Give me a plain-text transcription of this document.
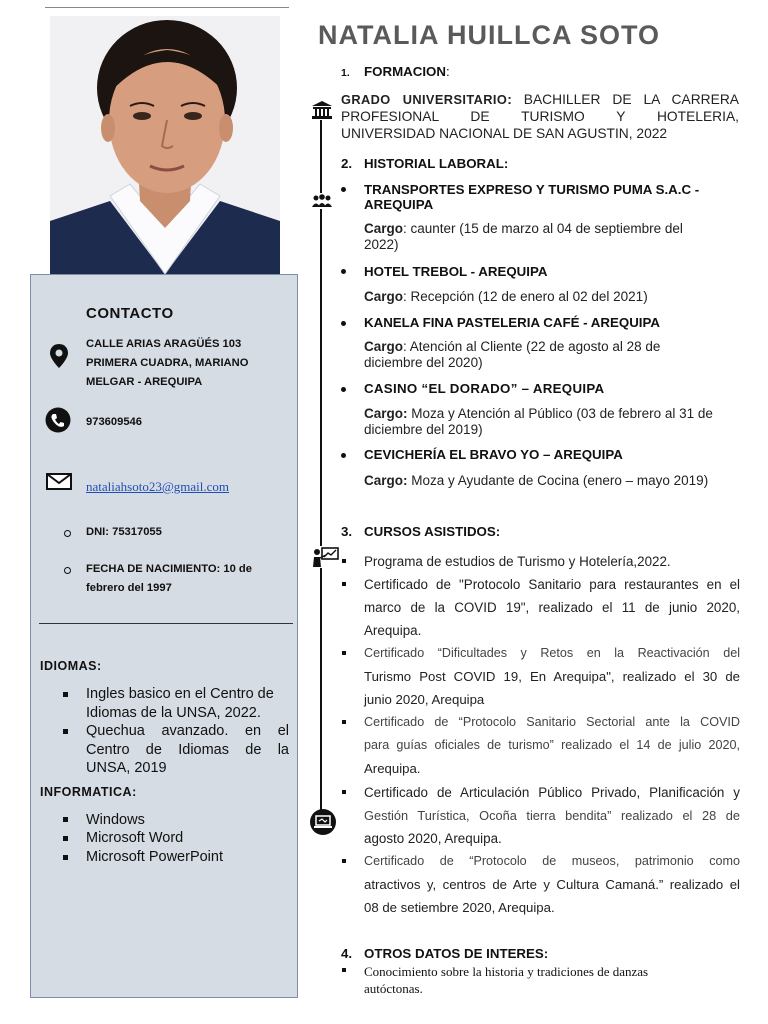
CONTACTO
CALLE ARIAS ARAGÜÉS 103
PRIMERA CUADRA, MARIANO
MELGAR - AREQUIPA
973609546
nataliahsoto23@gmail.com
DNI: 75317055
FECHA DE NACIMIENTO: 10 de
febrero del 1997
IDIOMAS:
Ingles basico en el Centro de
Idiomas de la UNSA, 2022.
Quechua avanzado. en el
Centro de Idiomas de la
UNSA, 2019
INFORMATICA:
Windows
Microsoft Word
Microsoft PowerPoint
NATALIA HUILLCA SOTO
1. FORMACION:
GRADO UNIVERSITARIO: BACHILLER DE LA CARRERA
PROFESIONAL DE TURISMO Y HOTELERIA,
UNIVERSIDAD NACIONAL DE SAN AGUSTIN, 2022
2. HISTORIAL LABORAL:
TRANSPORTES EXPRESO Y TURISMO PUMA S.A.C -
AREQUIPA
Cargo: caunter (15 de marzo al 04 de septiembre del
2022)
HOTEL TREBOL - AREQUIPA
Cargo: Recepción (12 de enero al 02 del 2021)
KANELA FINA PASTELERIA CAFÉ - AREQUIPA
Cargo: Atención al Cliente (22 de agosto al 28 de
diciembre del 2020)
CASINO “EL DORADO” – AREQUIPA
Cargo: Moza y Atención al Público (03 de febrero al 31 de
diciembre del 2019)
CEVICHERÍA EL BRAVO YO – AREQUIPA
Cargo: Moza y Ayudante de Cocina (enero – mayo 2019)
3. CURSOS ASISTIDOS:
Programa de estudios de Turismo y Hotelería,2022.
Certificado de "Protocolo Sanitario para restaurantes en el
marco de la COVID 19", realizado el 11 de junio 2020,
Arequipa.
Certificado “Dificultades y Retos en la Reactivación del
Turismo Post COVID 19, En Arequipa", realizado el 30 de
junio 2020, Arequipa
Certificado de “Protocolo Sanitario Sectorial ante la COVID
para guías oficiales de turismo” realizado el 14 de julio 2020,
Arequipa.
Certificado de Articulación Público Privado, Planificación y
Gestión Turística, Ocoña tierra bendita” realizado el 28 de
agosto 2020, Arequipa.
Certificado de “Protocolo de museos, patrimonio como
atractivos y, centros de Arte y Cultura Camaná.” realizado el
08 de setiembre 2020, Arequipa.
4. OTROS DATOS DE INTERES:
Conocimiento sobre la historia y tradiciones de danzas
autóctonas.
